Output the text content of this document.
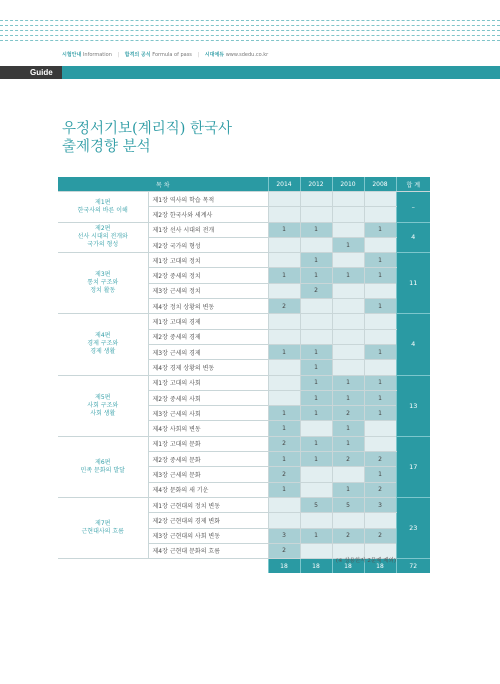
시험안내 Information | 합격의 공식 Formula of pass | 시대에듀 www.sdedu.co.kr
Guide
우정서기보(계리직) 한국사
출제경향 분석
목 차		2014	2012	2010	2008	합 계

제1편
한국사의 바른 이해	제1장 역사의 학습 목적					–
	제2장 한국사와 세계사					

제2편
선사 시대의 전개와
국가의 형성	제1장 선사 시대의 전개	1	1		1	4
	제2장 국가의 형성			1		

제3편
통치 구조와
정치 활동	제1장 고대의 정치		1		1	11
	제2장 중세의 정치	1	1	1	1	
	제3장 근세의 정치		2			
	제4장 정치 상황의 변동	2			1	

제4편
경제 구조와
경제 생활	제1장 고대의 경제					4
	제2장 중세의 경제					
	제3장 근세의 경제	1	1		1	
	제4장 경제 상황의 변동		1			

제5편
사회 구조와
사회 생활	제1장 고대의 사회		1	1	1	13
	제2장 중세의 사회		1	1	1	
	제3장 근세의 사회	1	1	2	1	
	제4장 사회의 변동	1		1		

제6편
민족 문화의 발달	제1장 고대의 문화	2	1	1		17
	제2장 중세의 문화	1	1	2	2	
	제3장 근세의 문화	2			1	
	제4장 문화의 새 기운	1		1	2	

제7편
근현대사의 흐름	제1장 근현대의 정치 변동		5	5	3	23
	제2장 근현대의 경제 변화					
	제3장 근현대의 사회 변동	3	1	2	2	
	제4장 근현대 문화의 흐름	2				
		18	18	18	18	72
(※ 상용한자 2문제 제외)
